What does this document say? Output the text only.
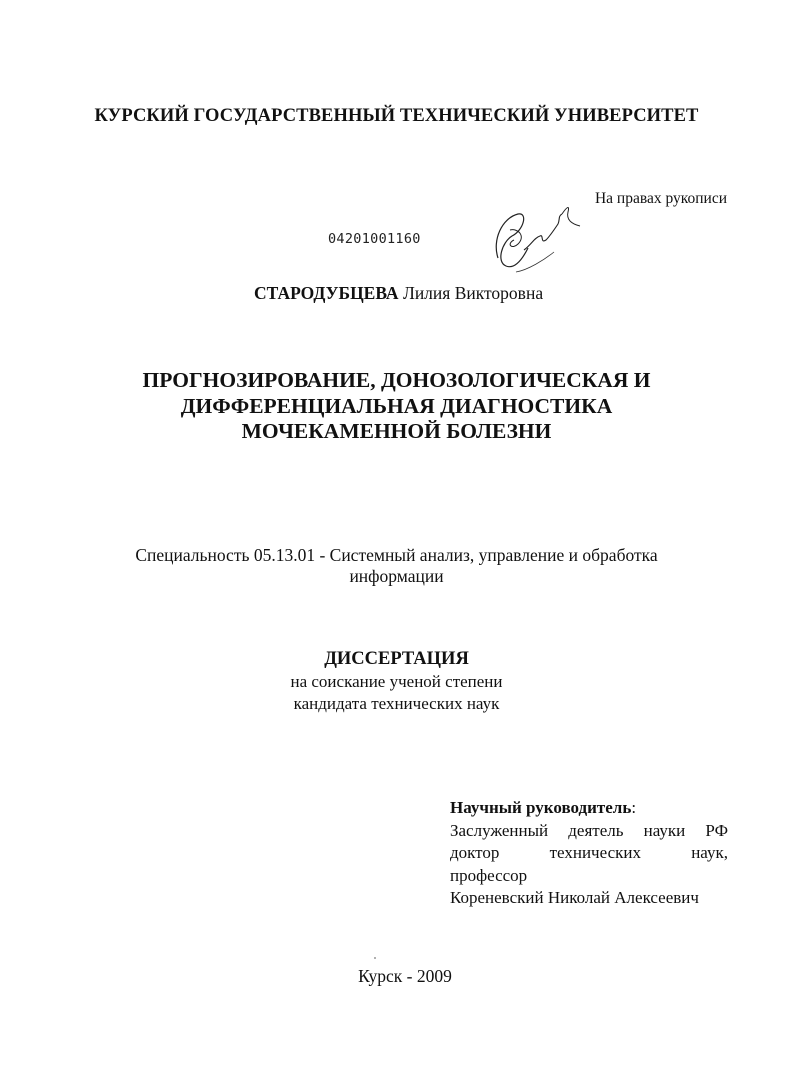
КУРСКИЙ ГОСУДАРСТВЕННЫЙ ТЕХНИЧЕСКИЙ УНИВЕРСИТЕТ
На правах рукописи
04201001160
СТАРОДУБЦЕВА Лилия Викторовна
ПРОГНОЗИРОВАНИЕ, ДОНОЗОЛОГИЧЕСКАЯ И
ДИФФЕРЕНЦИАЛЬНАЯ ДИАГНОСТИКА
МОЧЕКАМЕННОЙ БОЛЕЗНИ
Специальность 05.13.01 - Системный анализ, управление и обработка
информации
ДИССЕРТАЦИЯ
на соискание ученой степени
кандидата технических наук
Научный руководитель:
Заслуженный деятель науки РФ
доктор технических наук,
профессор
Кореневский Николай Алексеевич
Курск - 2009
